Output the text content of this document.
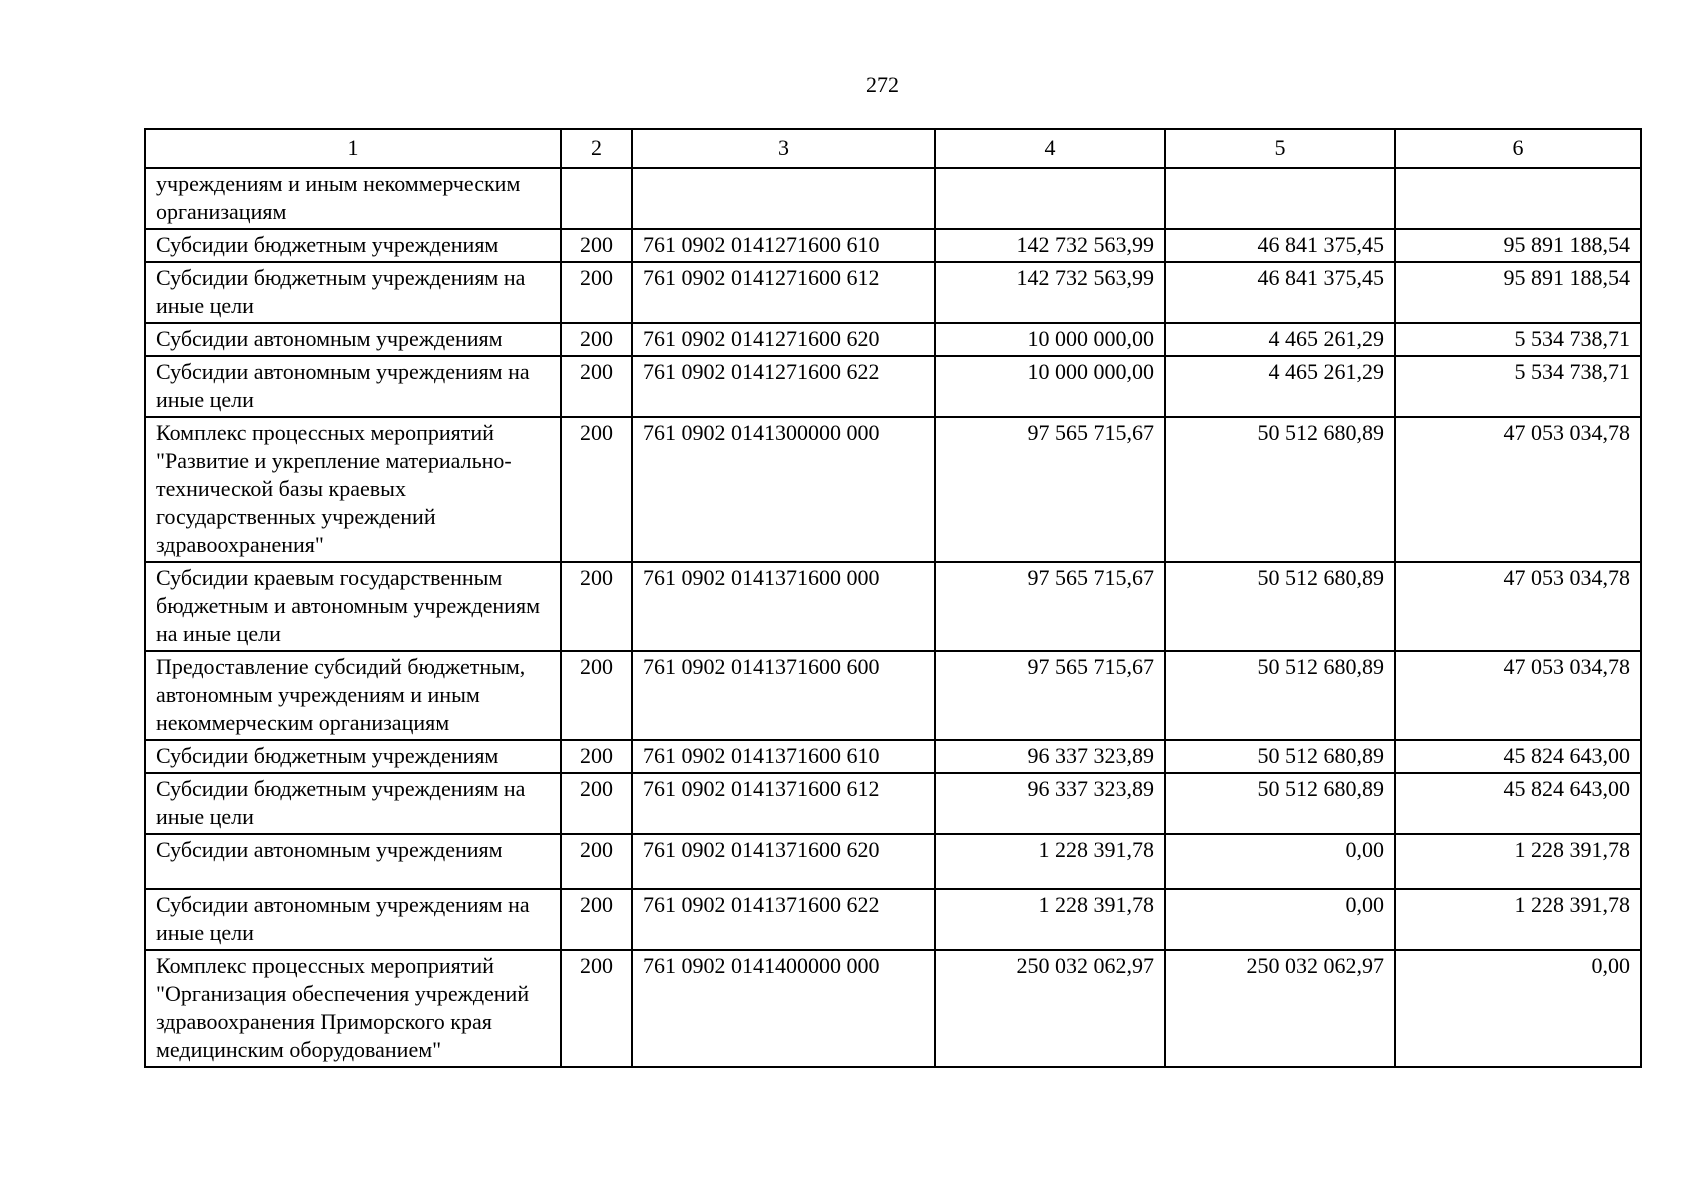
272
1	2	3	4	5	6
учреждениям и иным некоммерческим организациям					
Субсидии бюджетным учреждениям	200	761 0902 0141271600 610	142 732 563,99	46 841 375,45	95 891 188,54
Субсидии бюджетным учреждениям на иные цели	200	761 0902 0141271600 612	142 732 563,99	46 841 375,45	95 891 188,54
Субсидии автономным учреждениям	200	761 0902 0141271600 620	10 000 000,00	4 465 261,29	5 534 738,71
Субсидии автономным учреждениям на иные цели	200	761 0902 0141271600 622	10 000 000,00	4 465 261,29	5 534 738,71
Комплекс процессных мероприятий "Развитие и укрепление материально-технической базы краевых государственных учреждений здравоохранения"	200	761 0902 0141300000 000	97 565 715,67	50 512 680,89	47 053 034,78
Субсидии краевым государственным бюджетным и автономным учреждениям на иные цели	200	761 0902 0141371600 000	97 565 715,67	50 512 680,89	47 053 034,78
Предоставление субсидий бюджетным, автономным учреждениям и иным некоммерческим организациям	200	761 0902 0141371600 600	97 565 715,67	50 512 680,89	47 053 034,78
Субсидии бюджетным учреждениям	200	761 0902 0141371600 610	96 337 323,89	50 512 680,89	45 824 643,00
Субсидии бюджетным учреждениям на иные цели	200	761 0902 0141371600 612	96 337 323,89	50 512 680,89	45 824 643,00
Субсидии автономным учреждениям	200	761 0902 0141371600 620	1 228 391,78	0,00	1 228 391,78
Субсидии автономным учреждениям на иные цели	200	761 0902 0141371600 622	1 228 391,78	0,00	1 228 391,78
Комплекс процессных мероприятий "Организация обеспечения учреждений здравоохранения Приморского края медицинским оборудованием"	200	761 0902 0141400000 000	250 032 062,97	250 032 062,97	0,00
